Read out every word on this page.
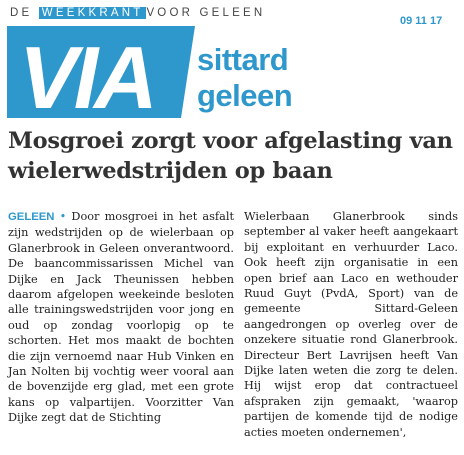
DE WEEKKRANT VOOR GELEEN
09 11 17
VIA sittard
geleen
Mosgroei zorgt voor afgelasting van wielerwedstrijden op baan
GELEEN • Door mosgroei in het asfalt zijn wedstrijden op de wielerbaan op Glanerbrook in Geleen onverantwoord. De baancommissarissen Michel van Dijke en Jack Theunissen hebben daarom afgelopen weekeinde besloten alle trainingswedstrijden voor jong en oud op zondag voorlopig op te schorten. Het mos maakt de bochten die zijn vernoemd naar Hub Vinken en Jan Nolten bij vochtig weer vooral aan de bovenzijde erg glad, met een grote kans op valpartijen. Voorzitter Van Dijke zegt dat de Stichting
Wielerbaan Glanerbrook sinds september al vaker heeft aangekaart bij exploitant en verhuurder Laco. Ook heeft zijn organisatie in een open brief aan Laco en wethouder Ruud Guyt (PvdA, Sport) van de gemeente Sittard-Geleen aangedrongen op overleg over de onzekere situatie rond Glanerbrook. Directeur Bert Lavrijsen heeft Van Dijke laten weten die zorg te delen. Hij wijst erop dat contractueel afspraken zijn gemaakt, 'waarop partijen de komende tijd de nodige acties moeten ondernemen',
